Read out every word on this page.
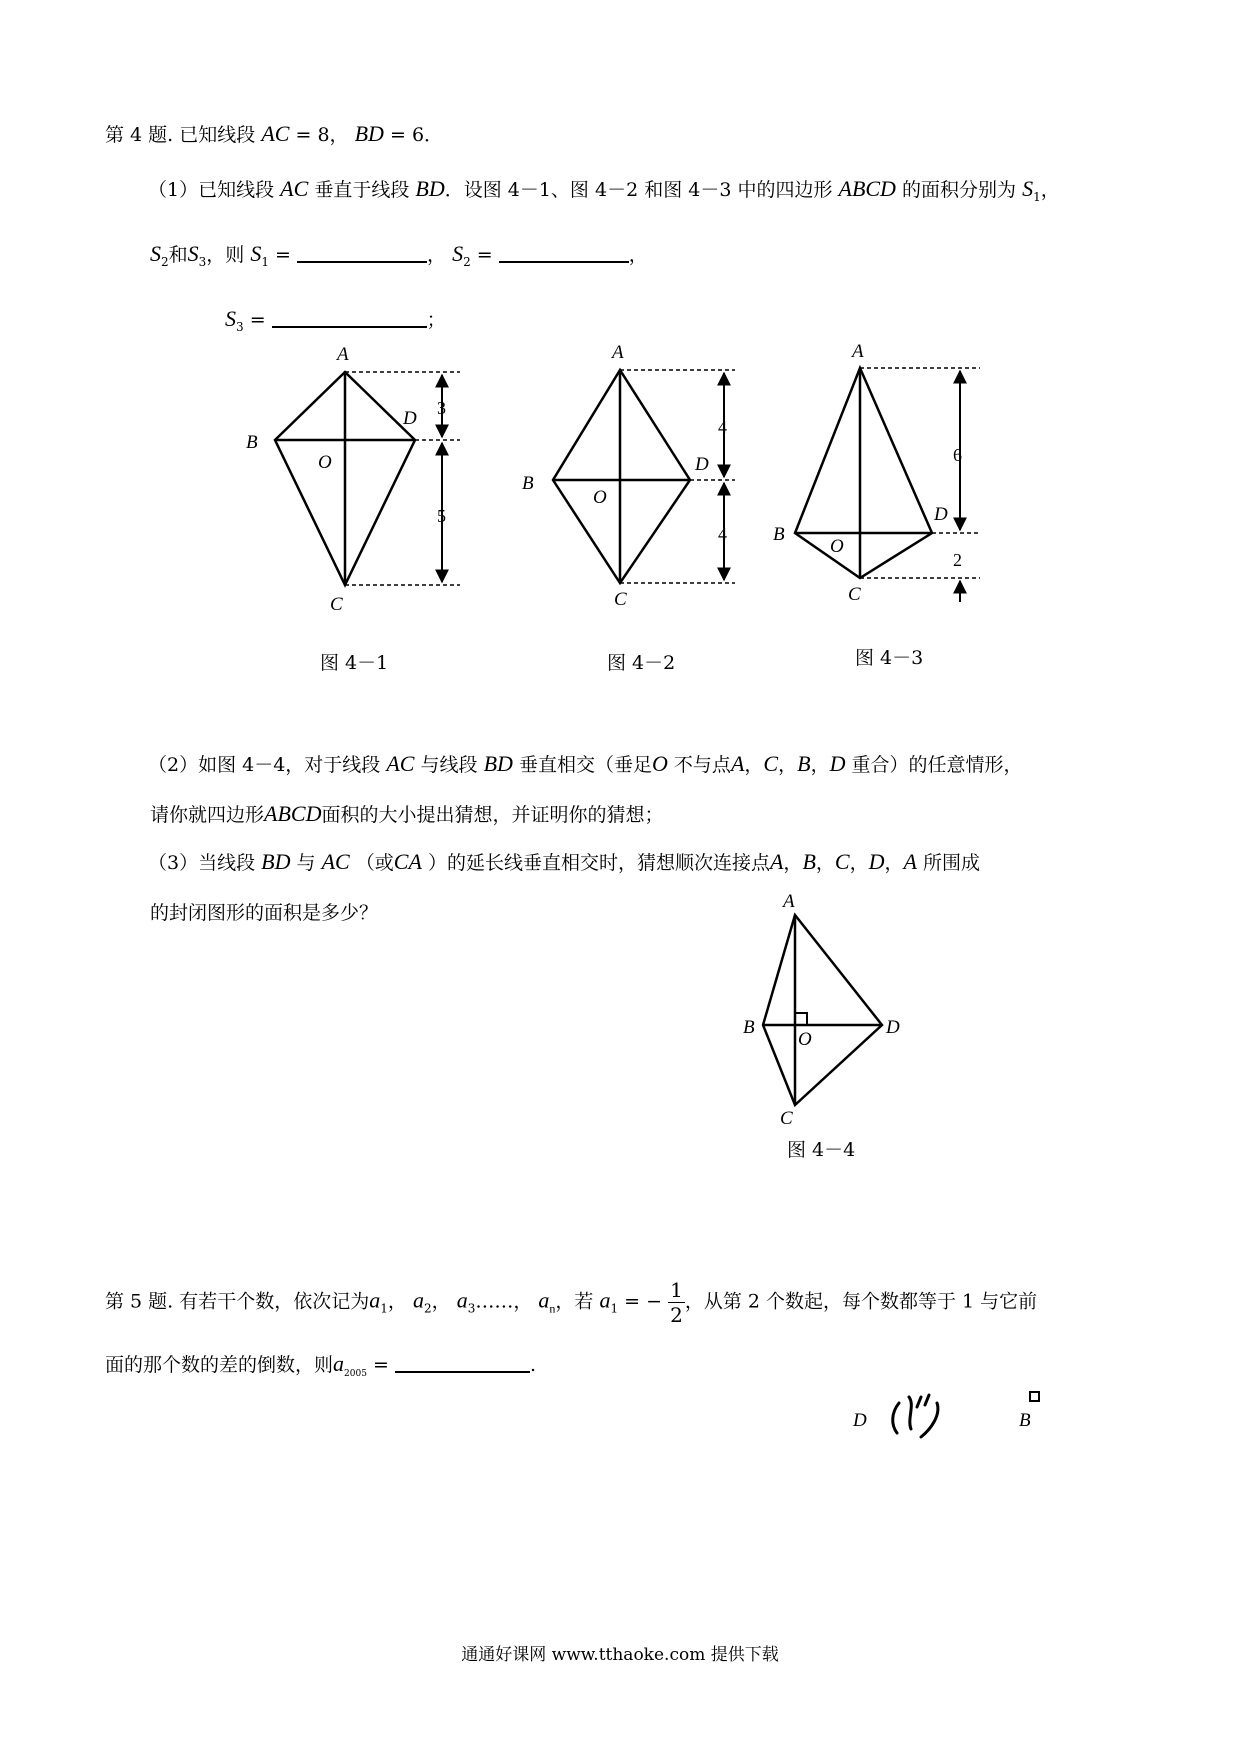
第 4 题. 已知线段 AC = 8， BD = 6．
（1）已知线段 AC 垂直于线段 BD．设图 4－1、图 4－2 和图 4－3 中的四边形 ABCD 的面积分别为 $S_1$，
$S_2$和$S_3$，则 $S_1$ =	， $S_2$ =	，
$S_3$ =	；
A
B
D
O
C
3
5
A
B
D
O
C
4
4
A
B
D
O
C
6
2
图 4－1	图 4－2	图 4－3
（2）如图 4－4，对于线段 AC 与线段 BD 垂直相交（垂足O 不与点A，C，B，D 重合）的任意情形，
请你就四边形ABCD面积的大小提出猜想，并证明你的猜想；
（3）当线段 BD 与 AC （或CA ）的延长线垂直相交时，猜想顺次连接点A，B，C，D，A 所围成
的封闭图形的面积是多少？
A
B	D
O
C
图 4－4
第 5 题. 有若干个数，依次记为$a_1$， $a_2$， $a_3\dots\dots$， $a_n$，若 $a_1$ = − $\frac{1}{2}$ ，从第 2 个数起，每个数都等于 1 与它前
面的那个数的差的倒数，则$a_{2005}$ =	.
D	B
通通好课网 www.tthaoke.com 提供下载
